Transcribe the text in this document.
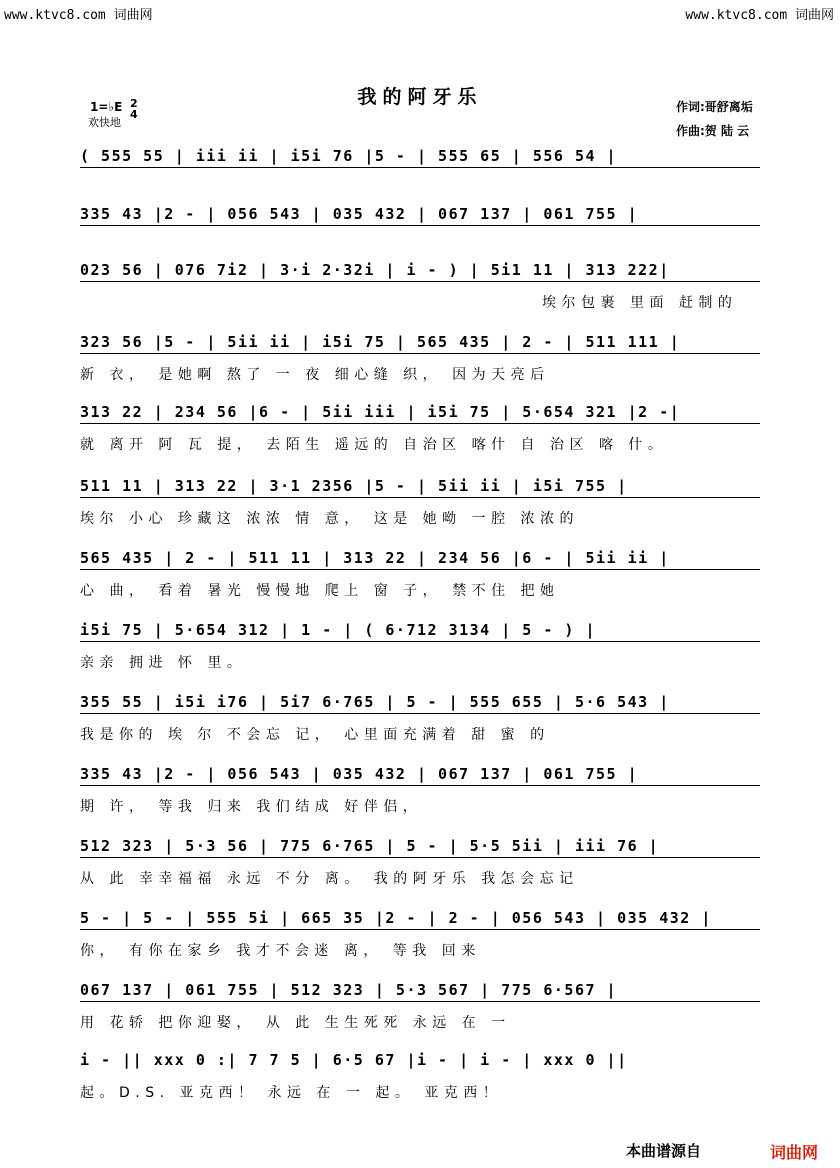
www.ktvc8.com 词曲网	www.ktvc8.com 词曲网
我的阿牙乐
1=♭E
欢快地
2
4
作词:哥舒离垢
作曲:贺 陆 云
( 555 55 | iii ii | i5i 76 |5 - | 555 65 | 556 54 |
335 43 |2 - | 056 543 | 035 432 | 067 137 | 061 755 |
023 56 | 076 7i2 | 3·i 2·32i | i - ) | 5i1 11 | 313 222|
埃尔包裹 里面 赶制的
323 56 |5 - | 5ii ii | i5i 75 | 565 435 | 2 - | 511 111 |
新 衣， 是她啊 熬了 一 夜 细心缝 织， 因为天亮后
313 22 | 234 56 |6 - | 5ii iii | i5i 75 | 5·654 321 |2 -|
就 离开 阿 瓦 提， 去陌生 遥远的 自治区 喀什 自 治区 喀 什。
511 11 | 313 22 | 3·1 2356 |5 - | 5ii ii | i5i 755 |
埃尔 小心 珍藏这 浓浓 情 意， 这是 她呦 一腔 浓浓的
565 435 | 2 - | 511 11 | 313 22 | 234 56 |6 - | 5ii ii |
心 曲， 看着 暑光 慢慢地 爬上 窗 子， 禁不住 把她
i5i 75 | 5·654 312 | 1 - | ( 6·712 3134 | 5 - ) |
亲亲 拥进 怀 里。
355 55 | i5i i76 | 5i7 6·765 | 5 - | 555 655 | 5·6 543 |
我是你的 埃 尔 不会忘 记， 心里面充满着 甜 蜜 的
335 43 |2 - | 056 543 | 035 432 | 067 137 | 061 755 |
期 许， 等我 归来 我们结成 好伴侣，
512 323 | 5·3 56 | 775 6·765 | 5 - | 5·5 5ii | iii 76 |
从 此 幸幸福福 永远 不分 离。 我的阿牙乐 我怎会忘记
5 - | 5 - | 555 5i | 665 35 |2 - | 2 - | 056 543 | 035 432 |
你， 有你在家乡 我才不会迷 离， 等我 回来
067 137 | 061 755 | 512 323 | 5·3 567 | 775 6·567 |
用 花轿 把你迎娶， 从 此 生生死死 永远 在 一
i - || xxx 0 :| 7 7 5 | 6·5 67 |i - | i - | xxx 0 ||
起。D.S. 亚克西！ 永远 在 一 起。 亚克西！
本曲谱源自	词曲网
